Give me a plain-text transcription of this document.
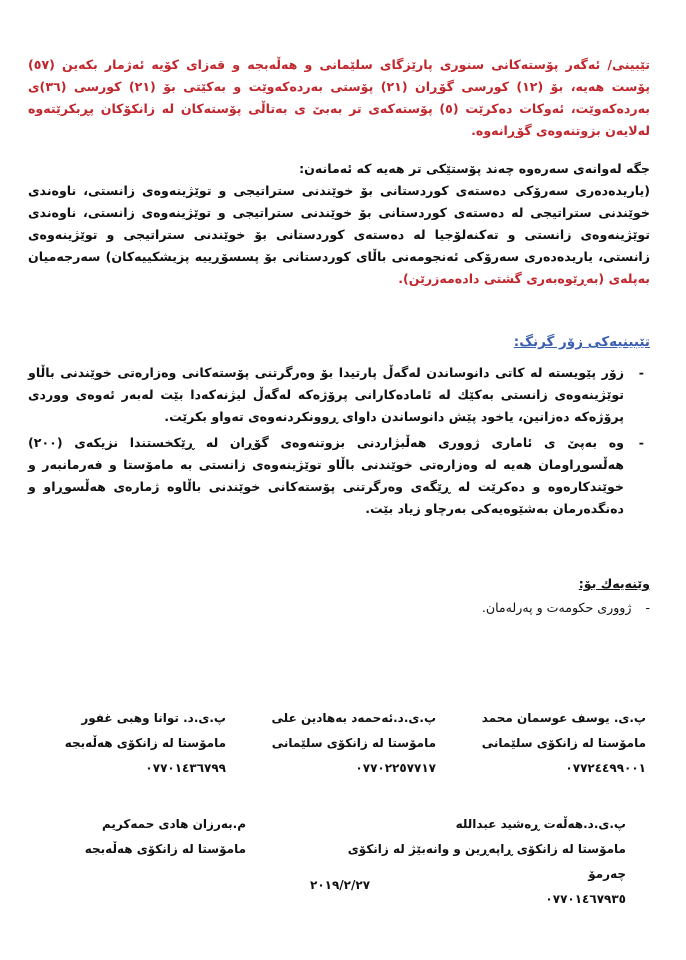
تێبینی/ ئەگەر پۆستەکانی سنوری پارێزگای سلێمانی و هەڵەبجە و قەزای کۆیە ئەژمار بکەین (٥٧) پۆست هەیە، بۆ (١٢) کورسی گۆڕان (٢١) پۆستی بەردەکەوێت و بەکێتی بۆ (٢١) کورسی (٣٦)ی بەردەکەوێت، ئەوکات دەکرێت (٥) پۆستەکەی تر بەبێ ی بەتاڵی پۆستەکان لە زانکۆکان پڕبکرێتەوە لەلایەن بزوتنەوەی گۆڕانەوە.
جگە لەوانەی سەرەوە چەند پۆستێکی تر هەیە کە ئەمانەن:
(یاریدەدەری سەرۆکی دەستەی کوردستانی بۆ خوێندنی ستراتیجی و توێژینەوەی زانستی، ناوەندی خوێندنی ستراتیجی لە دەستەی کوردستانی بۆ خوێندنی ستراتیجی و توێژینەوەی زانستی، ناوەندی توێژینەوەی زانستی و تەکنەلۆجیا لە دەستەی کوردستانی بۆ خوێندنی ستراتیجی و توێژینەوەی زانستی، یاریدەدەری سەرۆکی ئەنجومەنی باڵای کوردستانی بۆ پسسۆڕییە پزیشکییەکان) سەرجەمیان بەپلەی (بەڕێوەبەری گشتی دادەمەزرێن).
تێبینیەکی زۆر گرنگ:
-
زۆر پێویستە لە کاتی دانوساندن لەگەڵ پارتیدا بۆ وەرگرتنی پۆستەکانی وەزارەتی خوێندنی باڵاو توێژینەوەی زانستی بەکێك لە ئامادەکارانی پرۆژەکە لەگەڵ لیژنەکەدا بێت لەبەر ئەوەی ووردی پرۆژەکە دەزانین، یاخود پێش دانوساندن داوای ڕوونکردنەوەی تەواو بکرێت.
-
وە بەپێ ی ئاماری ژووری هەڵبژاردنی بزوتنەوەی گۆڕان لە ڕێکخستندا نزیکەی (٢٠٠) هەڵسوڕاومان هەیە لە وەزارەتی خوێندنی باڵاو توێژینەوەی زانستی بە مامۆستا و فەرمانبەر و خوێندکارەوە و دەکرێت لە ڕێگەی وەرگرتنی پۆستەکانی خوێندنی باڵاوە ژمارەی هەڵسوڕاو و دەنگدەرمان بەشێوەیەکی بەرچاو زیاد بێت.
وێنەیەك بۆ:
-ژووری حکومەت و پەرلەمان.
پ.ی. یوسف عوسمان محمد
مامۆستا لە زانکۆی سلێمانی
٠٧٧٢٤٤٩٩٠٠١
پ.ی.د.ئەحمەد بەهادین علی
مامۆستا لە زانکۆی سلێمانی
٠٧٧٠٢٢٥٧٧١٧
پ.ی.د. توانا وهبی غفور
مامۆستا لە زانکۆی هەڵەبجە
٠٧٧٠١٤٣٦٧٩٩
پ.ی.د.هەڵەت ڕەشید عبداللە
مامۆستا لە زانکۆی ڕاپەڕین و وانەبێژ لە زانکۆی چەرمۆ
٠٧٧٠١٤٦٧٩٣٥
م.بەرزان هادی حمەکریم
مامۆستا لە زانکۆی هەڵەبجە
٢٠١٩/٢/٢٧
